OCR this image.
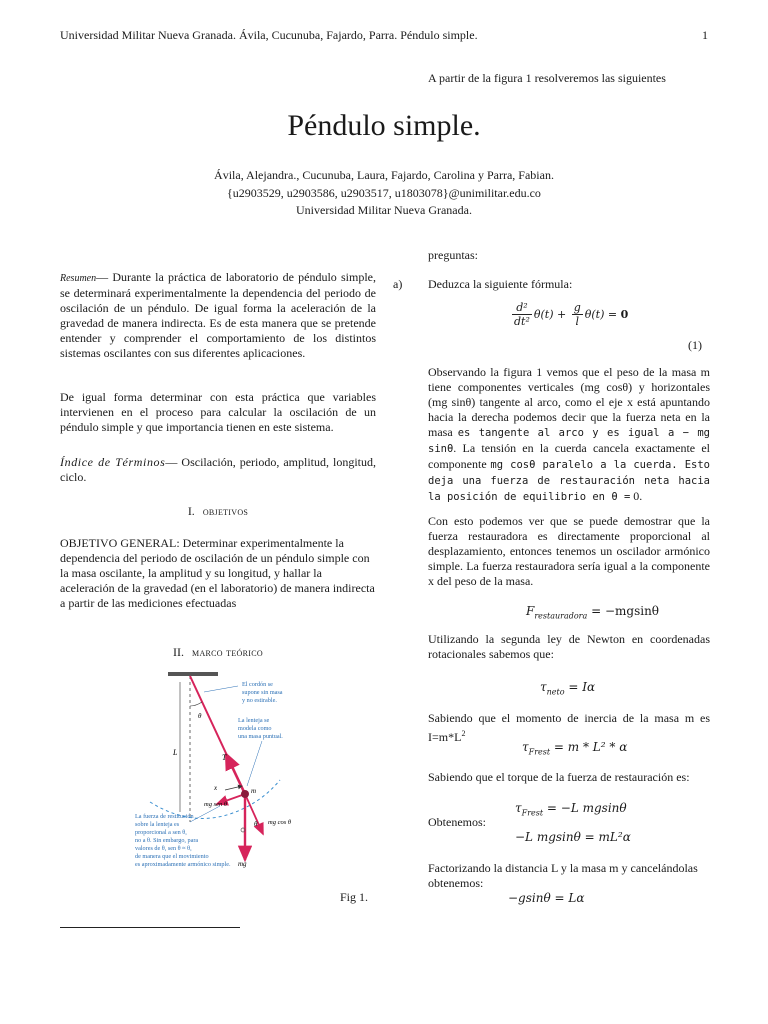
Universidad Militar Nueva Granada. Ávila, Cucunuba, Fajardo, Parra. Péndulo simple.	1
A partir de la figura 1 resolveremos las siguientes
Péndulo simple.
Ávila, Alejandra., Cucunuba, Laura, Fajardo, Carolina y Parra, Fabian.
{u2903529, u2903586, u2903517, u1803078}@unimilitar.edu.co
Universidad Militar Nueva Granada.
Resumen— Durante la práctica de laboratorio de péndulo simple, se determinará experimentalmente la dependencia del periodo de oscilación de un péndulo. De igual forma la aceleración de la gravedad de manera indirecta. Es de esta manera que se pretende entender y comprender el comportamiento de los distintos sistemas oscilantes con sus diferentes aplicaciones.
De igual forma determinar con esta práctica que variables intervienen en el proceso para calcular la oscilación de un péndulo simple y que importancia tienen en este sistema.
Índice de Términos— Oscilación, periodo, amplitud, longitud, ciclo.
I. objetivos
OBJETIVO GENERAL: Determinar experimentalmente la dependencia del periodo de oscilación de un péndulo simple con la masa oscilante, la amplitud y su longitud, y hallar la aceleración de la gravedad (en el laboratorio) de manera indirecta a partir de las mediciones efectuadas
II. marco teórico
θ
T
L
x	m
mg sen θ
θ mg cos θ
mg
El cordón se
supone sin masa
y no estirable.
La lenteja se
modela como
una masa puntual.
La fuerza de restitución
sobre la lenteja es
proporcional a sen θ,
no a θ. Sin embargo, para
valores de θ, sen θ ≈ θ,
de manera que el movimiento
es aproximadamente armónico simple.
Fig 1.
preguntas:
a) Deduzca la siguiente fórmula:
$\frac{\text{d²}}{\text{dt²}} \theta(t) + \frac{g}{l} \theta(t) = 0$
(1)
Observando la figura 1 vemos que el peso de la masa m tiene componentes verticales (mg cosθ) y horizontales (mg sinθ) tangente al arco, como el eje x está apuntando hacia la derecha podemos decir que la fuerza neta en la masa es tangente al arco y es igual a − mg sinθ. La tensión en la cuerda cancela exactamente el componente mg cosθ paralelo a la cuerda. Esto deja una fuerza de restauración neta hacia la posición de equilibrio en θ = 0.
Con esto podemos ver que se puede demostrar que la fuerza restauradora es directamente proporcional al desplazamiento, entonces tenemos un oscilador armónico simple. La fuerza restauradora sería igual a la componente x del peso de la masa.
$F_{restauradora} = -mgsin\theta$
Utilizando la segunda ley de Newton en coordenadas rotacionales sabemos que:
$\tau_{neto} = I\alpha$
Sabiendo que el momento de inercia de la masa m es $I=m*L^2$
$\tau_{Frest} = m * L^2 * \alpha$
Sabiendo que el torque de la fuerza de restauración es:
$\tau_{Frest} = -L$ mgsinθ
Obtenemos:
−L mgsinθ = mL²α
Factorizando la distancia L y la masa m y cancelándolas obtenemos:
−gsinθ = Lα
